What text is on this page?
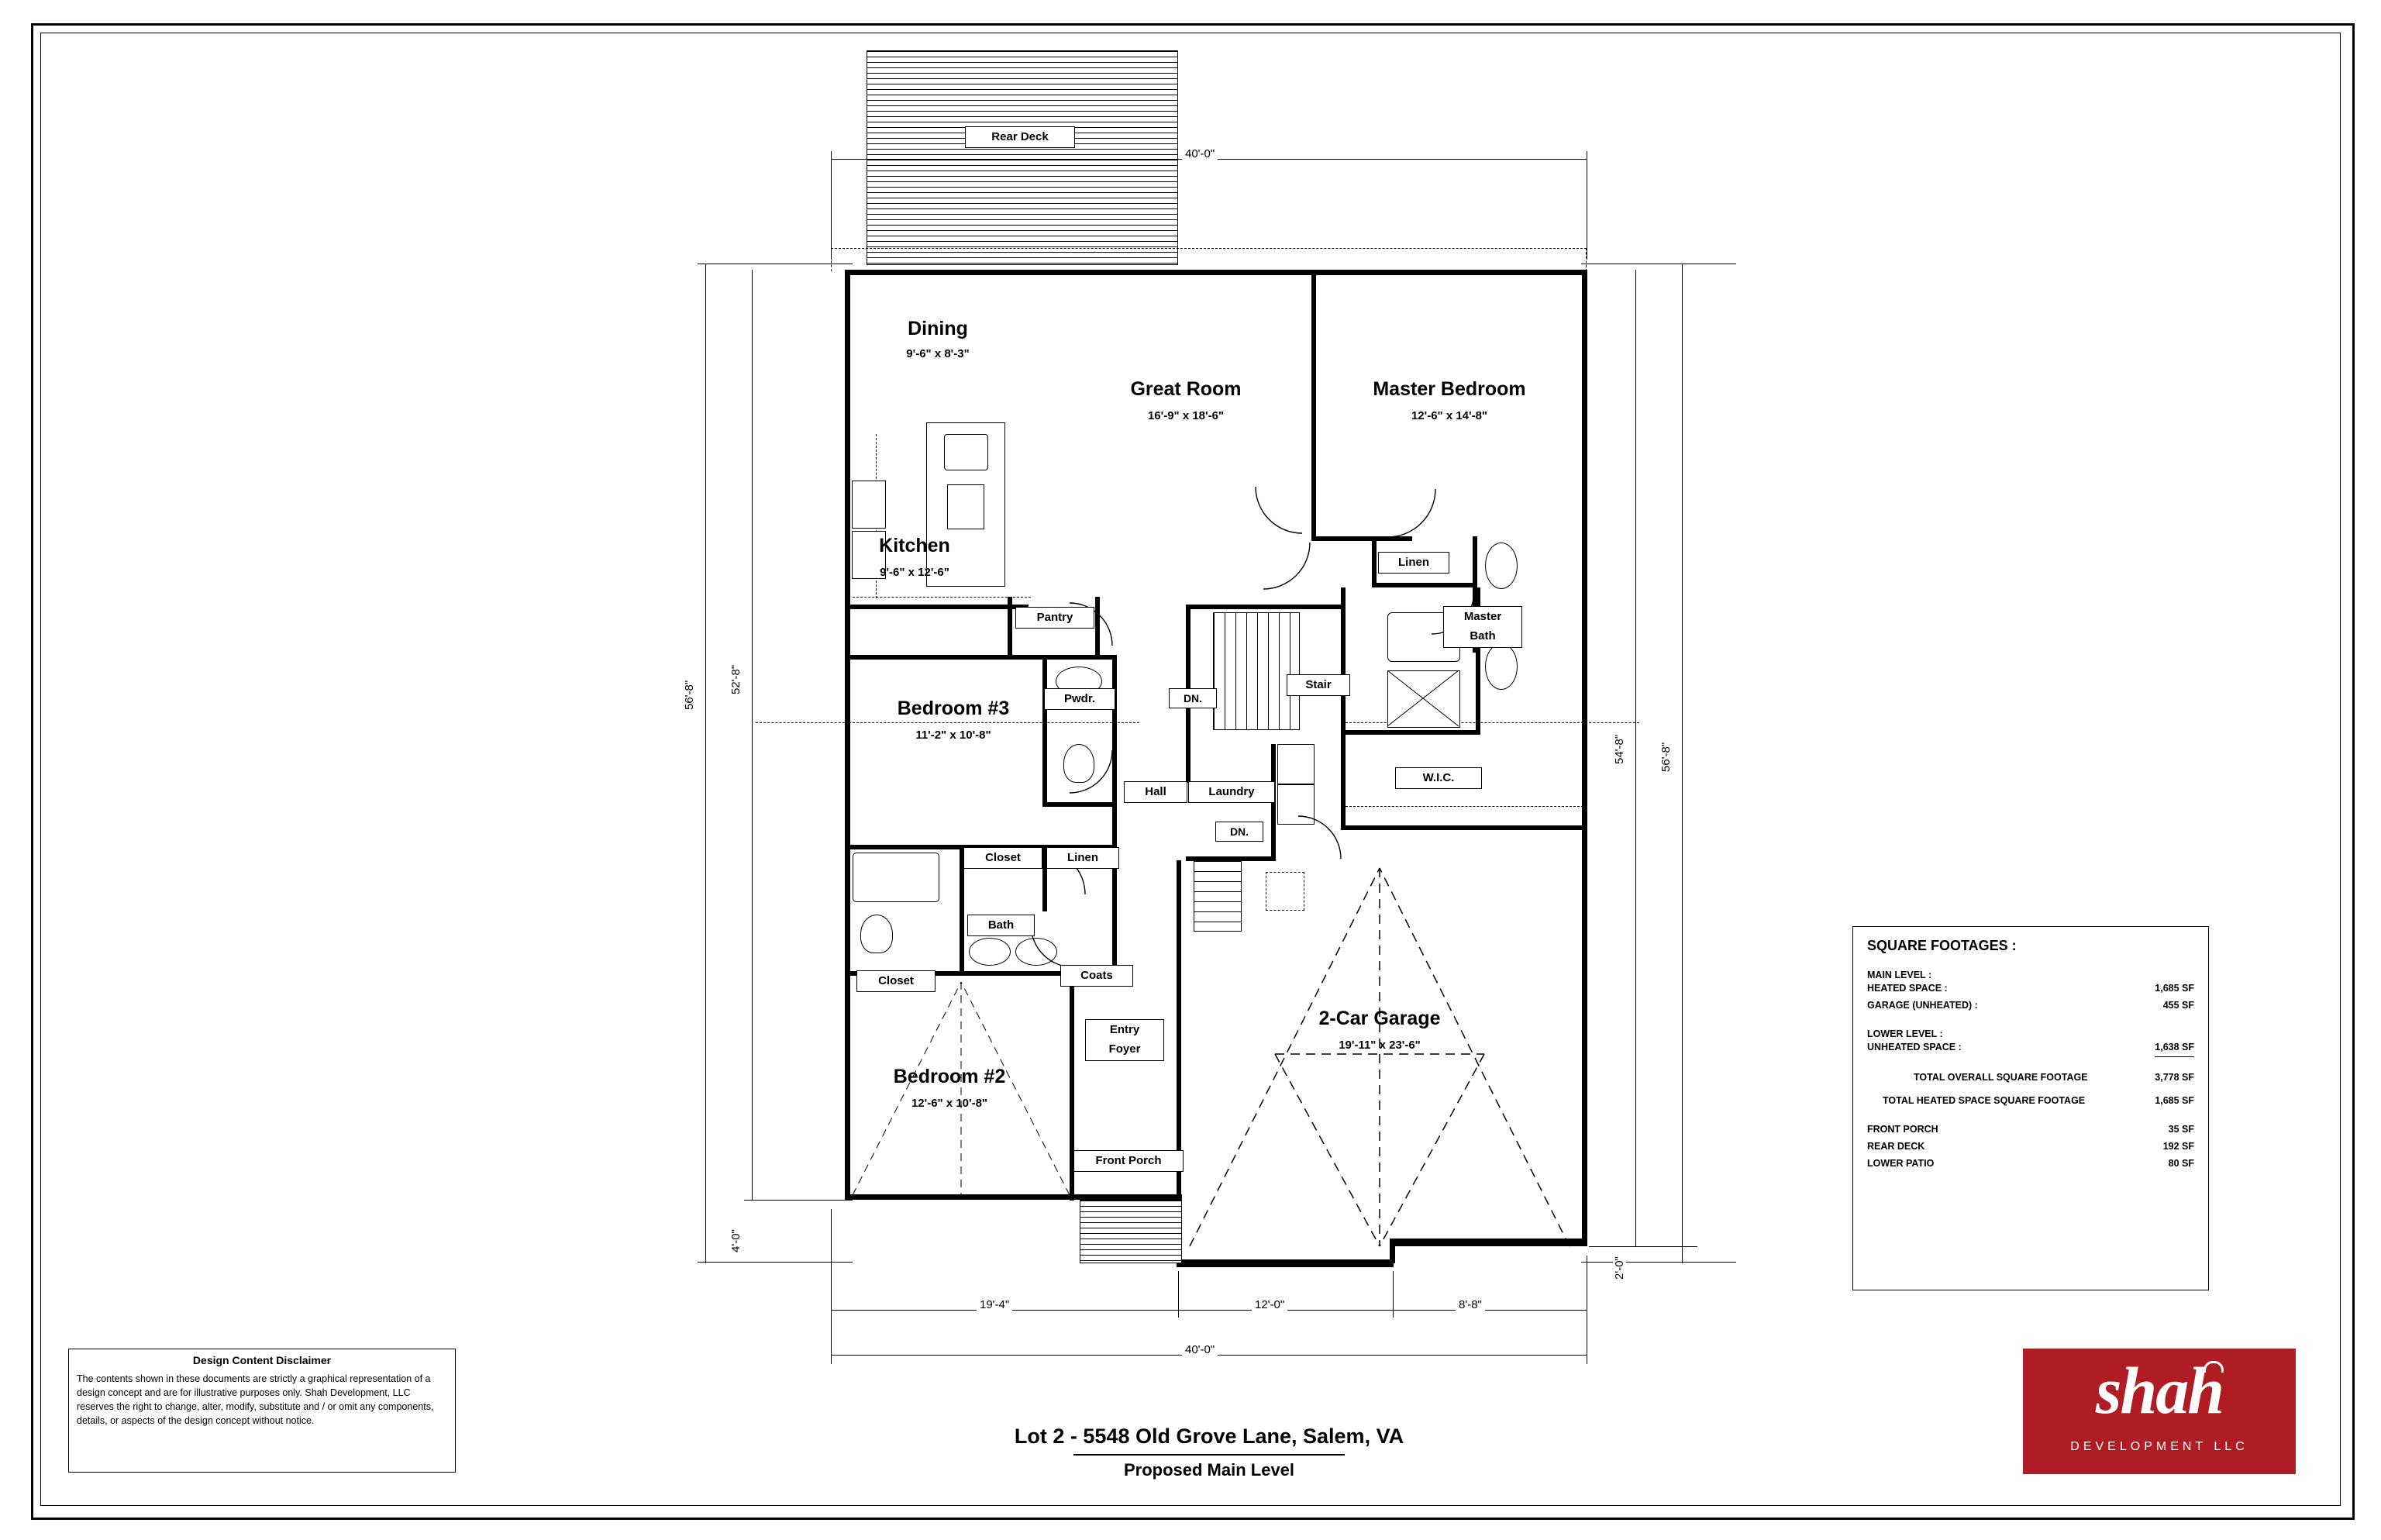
Rear Deck
Front Porch
Dining
9'-6" x 8'-3"
Great Room
16'-9" x 18'-6"
Master Bedroom
12'-6" x 14'-8"
Kitchen
9'-6" x 12'-6"
Bedroom #3
11'-2" x 10'-8"
Bedroom #2
12'-6" x 10'-8"
2-Car Garage
19'-11" x 23'-6"
Pantry
Pwdr.
Linen
Master
Bath
Stair
DN.
DN.
W.I.C.
Hall	Laundry
Closet	Linen
Bath
Closet	Coats
Entry
Foyer
40'-0"
40'-0"
19'-4"	12'-0"	8'-8"
52'-8"
56'-8"
4'-0"
54'-8"	56'-8"
2'-0"
SQUARE FOOTAGES :
MAIN LEVEL :
HEATED SPACE :	1,685 SF
GARAGE (UNHEATED) :	455 SF
LOWER LEVEL :
UNHEATED SPACE :	1,638 SF
TOTAL OVERALL SQUARE FOOTAGE	3,778 SF
TOTAL HEATED SPACE SQUARE FOOTAGE	1,685 SF
FRONT PORCH	35 SF
REAR DECK	192 SF
LOWER PATIO	80 SF
Design Content Disclaimer

The contents shown in these documents are strictly a graphical representation of a design concept and are for illustrative purposes only. Shah Development, LLC reserves the right to change, alter, modify, substitute and / or omit any components, details, or aspects of the design concept without notice.

Lot 2 - 5548 Old Grove Lane, Salem, VA
Proposed Main Level
shah
DEVELOPMENT LLC
